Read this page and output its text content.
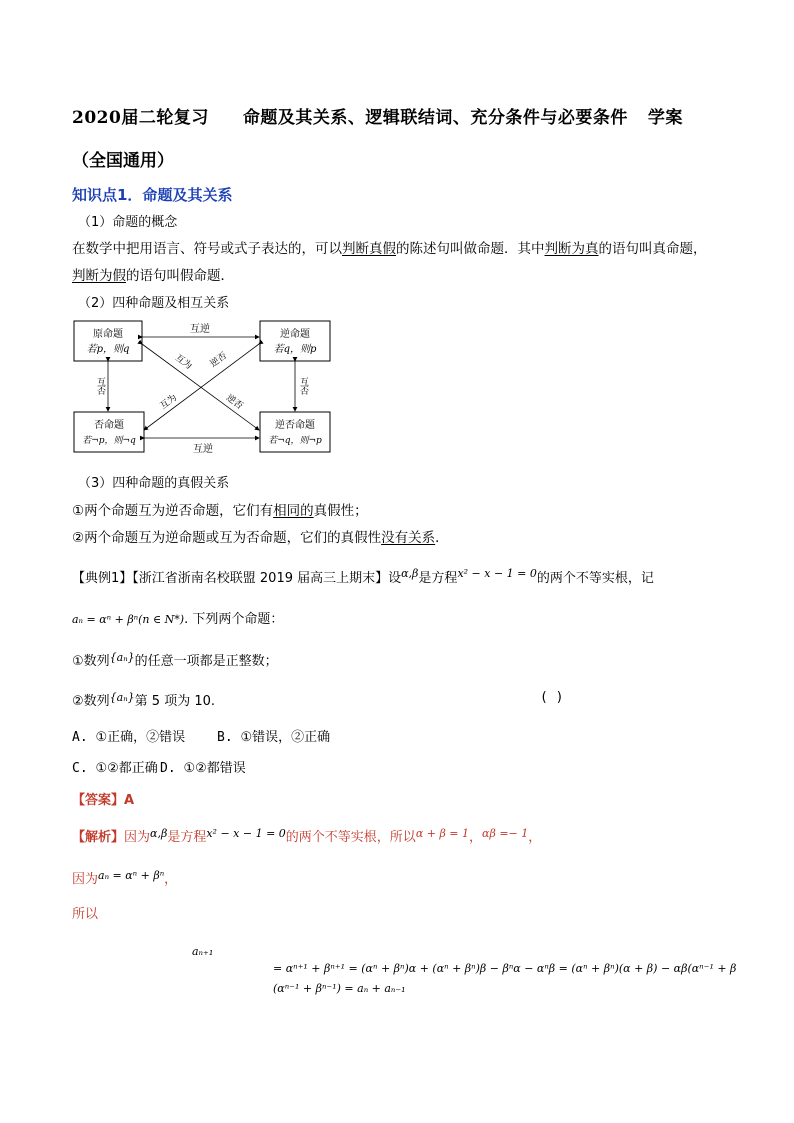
2020届二轮复习 命题及其关系、逻辑联结词、充分条件与必要条件 学案
（全国通用）
知识点1．命题及其关系
（1）命题的概念
在数学中把用语言、符号或式子表达的，可以判断真假的陈述句叫做命题．其中判断为真的语句叫真命题，
判断为假的语句叫假命题．
（2）四种命题及相互关系
原命题
若p，则q
逆命题
若q，则p
否命题
若¬p，则¬q
逆否命题
若¬q，则¬p
互逆
互逆
互否	互否
互为 逆否
互为	逆否
（3）四种命题的真假关系
①两个命题互为逆否命题，它们有相同的真假性；
②两个命题互为逆命题或互为否命题，它们的真假性没有关系．
【典例1】【浙江省浙南名校联盟 2019 届高三上期末】设$^{\alpha,\beta}$是方程$^{x^2 - x - 1 = 0}$的两个不等实根，记
aₙ = αⁿ + βⁿ(n ∈ N*). 下列两个命题：
①数列$^{\{a_n\}}$的任意一项都是正整数；
②数列$^{\{a_n\}}$第 5 项为 10.	( )
A. ①正确，②错误 B. ①错误，②正确
C. ①②都正确 D. ①②都错误
【答案】A
【解析】因为$^{\alpha,\beta}$是方程$^{x^2 - x - 1 = 0}$的两个不等实根，所以$^{\alpha + \beta = 1}$，$^{\alpha\beta =- 1}$，
因为$^{a_n = \alpha^n + \beta^n}$，
所以
aₙ₊₁
= αⁿ⁺¹ + βⁿ⁺¹ = (αⁿ + βⁿ)α + (αⁿ + βⁿ)β − βⁿα − αⁿβ = (αⁿ + βⁿ)(α + β) − αβ(αⁿ⁻¹ + β
(αⁿ⁻¹ + βⁿ⁻¹) = aₙ + aₙ₋₁
